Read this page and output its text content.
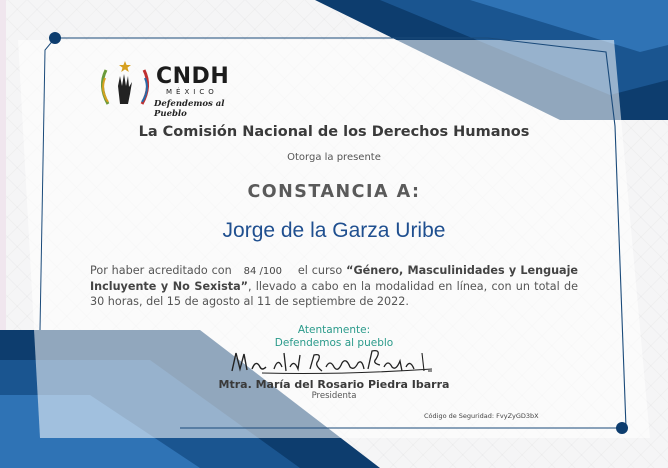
CNDH
MÉXICO
Defendemos al Pueblo
La Comisión Nacional de los Derechos Humanos
Otorga la presente
CONSTANCIA A:
Jorge de la Garza Uribe
Por haber acreditado con 84 /100 el curso “Género, Masculinidades y Lenguaje Incluyente y No Sexista”, llevado a cabo en la modalidad en línea, con un total de 30 horas, del 15 de agosto al 11 de septiembre de 2022.
Atentamente:
Defendemos al pueblo
Mtra. María del Rosario Piedra Ibarra
Presidenta
Código de Seguridad: FvyZyGD3bX
